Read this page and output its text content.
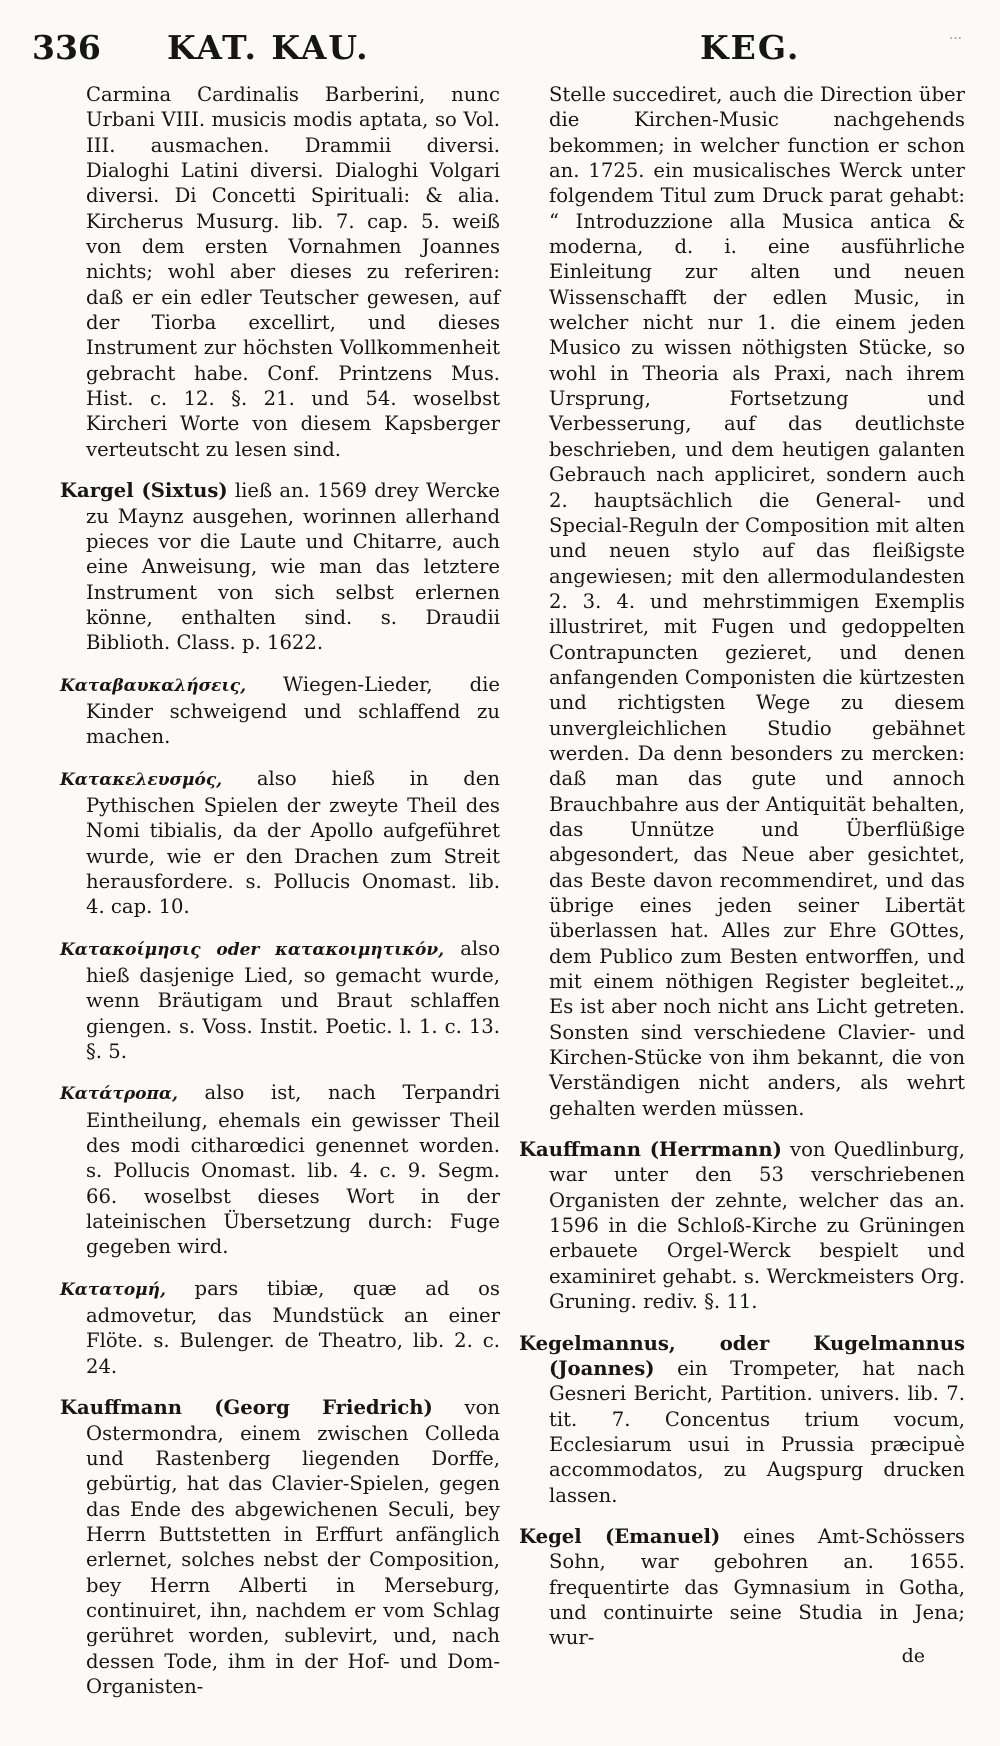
336 KAT. KAU.	KEG.	…

Carmina Cardinalis Barberini, nunc Urbani VIII. musicis modis aptata, so Vol. III. ausmachen. Drammii diversi. Dialoghi Latini diversi. Dialoghi Volgari diversi. Di Concetti Spirituali: & alia. Kircherus Musurg. lib. 7. cap. 5. weiß von dem ersten Vornahmen Joannes nichts; wohl aber dieses zu referiren: daß er ein edler Teutscher gewesen, auf der Tiorba excellirt, und dieses Instrument zur höchsten Vollkommenheit gebracht habe. Conf. Printzens Mus. Hist. c. 12. §. 21. und 54. woselbst Kircheri Worte von diesem Kapsberger verteutscht zu lesen sind.

Kargel (Sixtus) ließ an. 1569 drey Wercke zu Maynz ausgehen, worinnen allerhand pieces vor die Laute und Chitarre, auch eine Anweisung, wie man das letztere Instrument von sich selbst erlernen könne, enthalten sind. s. Draudii Biblioth. Class. p. 1622.

Καταβαυκαλήσεις, Wiegen-Lieder, die Kinder schweigend und schlaffend zu machen.

Κατακελευσμός, also hieß in den Pythischen Spielen der zweyte Theil des Nomi tibialis, da der Apollo aufgeführet wurde, wie er den Drachen zum Streit herausfordere. s. Pollucis Onomast. lib. 4. cap. 10.

Κατακοίμησις oder κατακοιμητικόν, also hieß dasjenige Lied, so gemacht wurde, wenn Bräutigam und Braut schlaffen giengen. s. Voss. Instit. Poetic. l. 1. c. 13. §. 5.

Κατάτροπα, also ist, nach Terpandri Eintheilung, ehemals ein gewisser Theil des modi citharœdici genennet worden. s. Pollucis Onomast. lib. 4. c. 9. Segm. 66. woselbst dieses Wort in der lateinischen Übersetzung durch: Fuge gegeben wird.

Κατατομή, pars tibiæ, quæ ad os admovetur, das Mundstück an einer Flöte. s. Bulenger. de Theatro, lib. 2. c. 24.

Kauffmann (Georg Friedrich) von Ostermondra, einem zwischen Colleda und Rastenberg liegenden Dorffe, gebürtig, hat das Clavier-Spielen, gegen das Ende des abgewichenen Seculi, bey Herrn Buttstetten in Erffurt anfänglich erlernet, solches nebst der Composition, bey Herrn Alberti in Merseburg, continuiret, ihn, nachdem er vom Schlag gerühret worden, sublevirt, und, nach dessen Tode, ihm in der Hof- und Dom-Organisten-

Stelle succediret, auch die Direction über die Kirchen-Music nachgehends bekommen; in welcher function er schon an. 1725. ein musicalisches Werck unter folgendem Titul zum Druck parat gehabt: “ Introduzzione alla Musica antica & moderna, d. i. eine ausführliche Einleitung zur alten und neuen Wissenschafft der edlen Music, in welcher nicht nur 1. die einem jeden Musico zu wissen nöthigsten Stücke, so wohl in Theoria als Praxi, nach ihrem Ursprung, Fortsetzung und Verbesserung, auf das deutlichste beschrieben, und dem heutigen galanten Gebrauch nach appliciret, sondern auch 2. hauptsächlich die General- und Special-Reguln der Composition mit alten und neuen stylo auf das fleißigste angewiesen; mit den allermodulandesten 2. 3. 4. und mehrstimmigen Exemplis illustriret, mit Fugen und gedoppelten Contrapuncten gezieret, und denen anfangenden Componisten die kürtzesten und richtigsten Wege zu diesem unvergleichlichen Studio gebähnet werden. Da denn besonders zu mercken: daß man das gute und annoch Brauchbahre aus der Antiquität behalten, das Unnütze und Überflüßige abgesondert, das Neue aber gesichtet, das Beste davon recommendiret, und das übrige eines jeden seiner Libertät überlassen hat. Alles zur Ehre GOttes, dem Publico zum Besten entworffen, und mit einem nöthigen Register begleitet.„ Es ist aber noch nicht ans Licht getreten. Sonsten sind verschiedene Clavier- und Kirchen-Stücke von ihm bekannt, die von Verständigen nicht anders, als wehrt gehalten werden müssen.

Kauffmann (Herrmann) von Quedlinburg, war unter den 53 verschriebenen Organisten der zehnte, welcher das an. 1596 in die Schloß-Kirche zu Grüningen erbauete Orgel-Werck bespielt und examiniret gehabt. s. Werckmeisters Org. Gruning. rediv. §. 11.

Kegelmannus, oder Kugelmannus (Joannes) ein Trompeter, hat nach Gesneri Bericht, Partition. univers. lib. 7. tit. 7. Concentus trium vocum, Ecclesiarum usui in Prussia præcipuè accommodatos, zu Augspurg drucken lassen.

Kegel (Emanuel) eines Amt-Schössers Sohn, war gebohren an. 1655. frequentirte das Gymnasium in Gotha, und continuirte seine Studia in Jena; wur-

de
